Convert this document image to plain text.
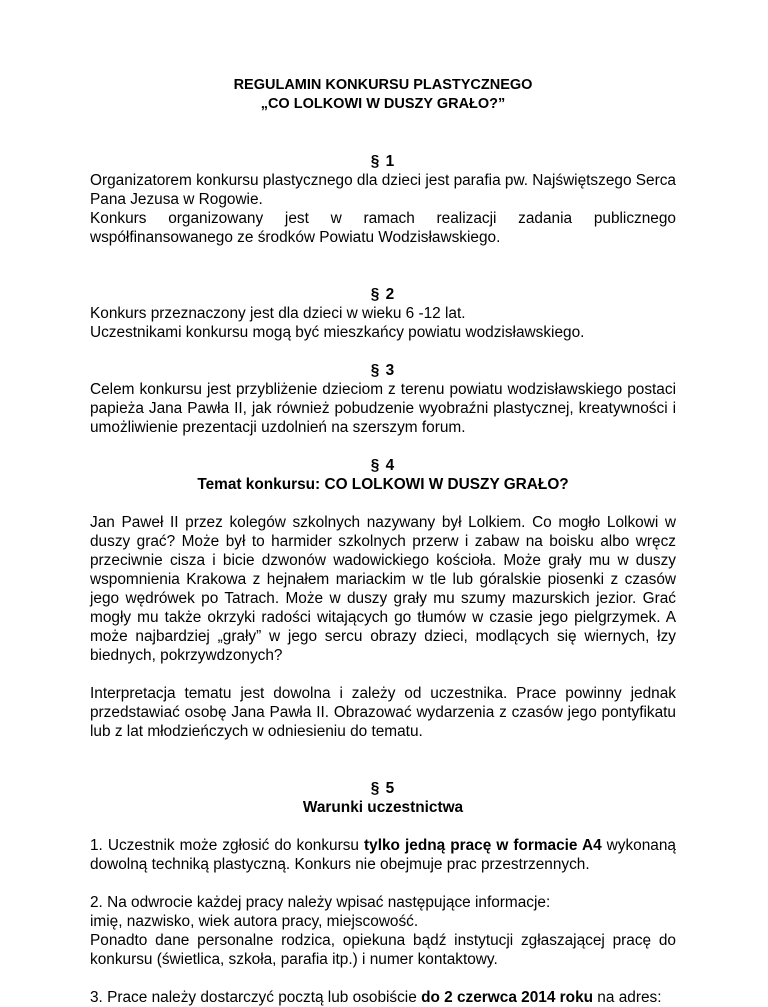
REGULAMIN KONKURSU PLASTYCZNEGO
„CO LOLKOWI W DUSZY GRAŁO?”
§ 1

Organizatorem konkursu plastycznego dla dzieci jest parafia pw. Najświętszego Serca Pana Jezusa w Rogowie.

Konkurs organizowany jest w ramach realizacji zadania publicznego

współfinansowanego ze środków Powiatu Wodzisławskiego.

§ 2

Konkurs przeznaczony jest dla dzieci w wieku 6 -12 lat.

Uczestnikami konkursu mogą być mieszkańcy powiatu wodzisławskiego.

§ 3

Celem konkursu jest przybliżenie dzieciom z terenu powiatu wodzisławskiego postaci papieża Jana Pawła II, jak również pobudzenie wyobraźni plastycznej, kreatywności i umożliwienie prezentacji uzdolnień na szerszym forum.

§ 4
Temat konkursu: CO LOLKOWI W DUSZY GRAŁO?

Jan Paweł II przez kolegów szkolnych nazywany był Lolkiem. Co mogło Lolkowi w duszy grać? Może był to harmider szkolnych przerw i zabaw na boisku albo wręcz przeciwnie cisza i bicie dzwonów wadowickiego kościoła. Może grały mu w duszy wspomnienia Krakowa z hejnałem mariackim w tle lub góralskie piosenki z czasów jego wędrówek po Tatrach. Może w duszy grały mu szumy mazurskich jezior. Grać mogły mu także okrzyki radości witających go tłumów w czasie jego pielgrzymek. A może najbardziej „grały” w jego sercu obrazy dzieci, modlących się wiernych, łzy biednych, pokrzywdzonych?

Interpretacja tematu jest dowolna i zależy od uczestnika. Prace powinny jednak przedstawiać osobę Jana Pawła II. Obrazować wydarzenia z czasów jego pontyfikatu lub z lat młodzieńczych w odniesieniu do tematu.

§ 5
Warunki uczestnictwa

1. Uczestnik może zgłosić do konkursu tylko jedną pracę w formacie A4 wykonaną dowolną techniką plastyczną. Konkurs nie obejmuje prac przestrzennych.

2. Na odwrocie każdej pracy należy wpisać następujące informacje:

imię, nazwisko, wiek autora pracy, miejscowość.

Ponadto dane personalne rodzica, opiekuna bądź instytucji zgłaszającej pracę do konkursu (świetlica, szkoła, parafia itp.) i numer kontaktowy.

3. Prace należy dostarczyć pocztą lub osobiście do 2 czerwca 2014 roku na adres:
